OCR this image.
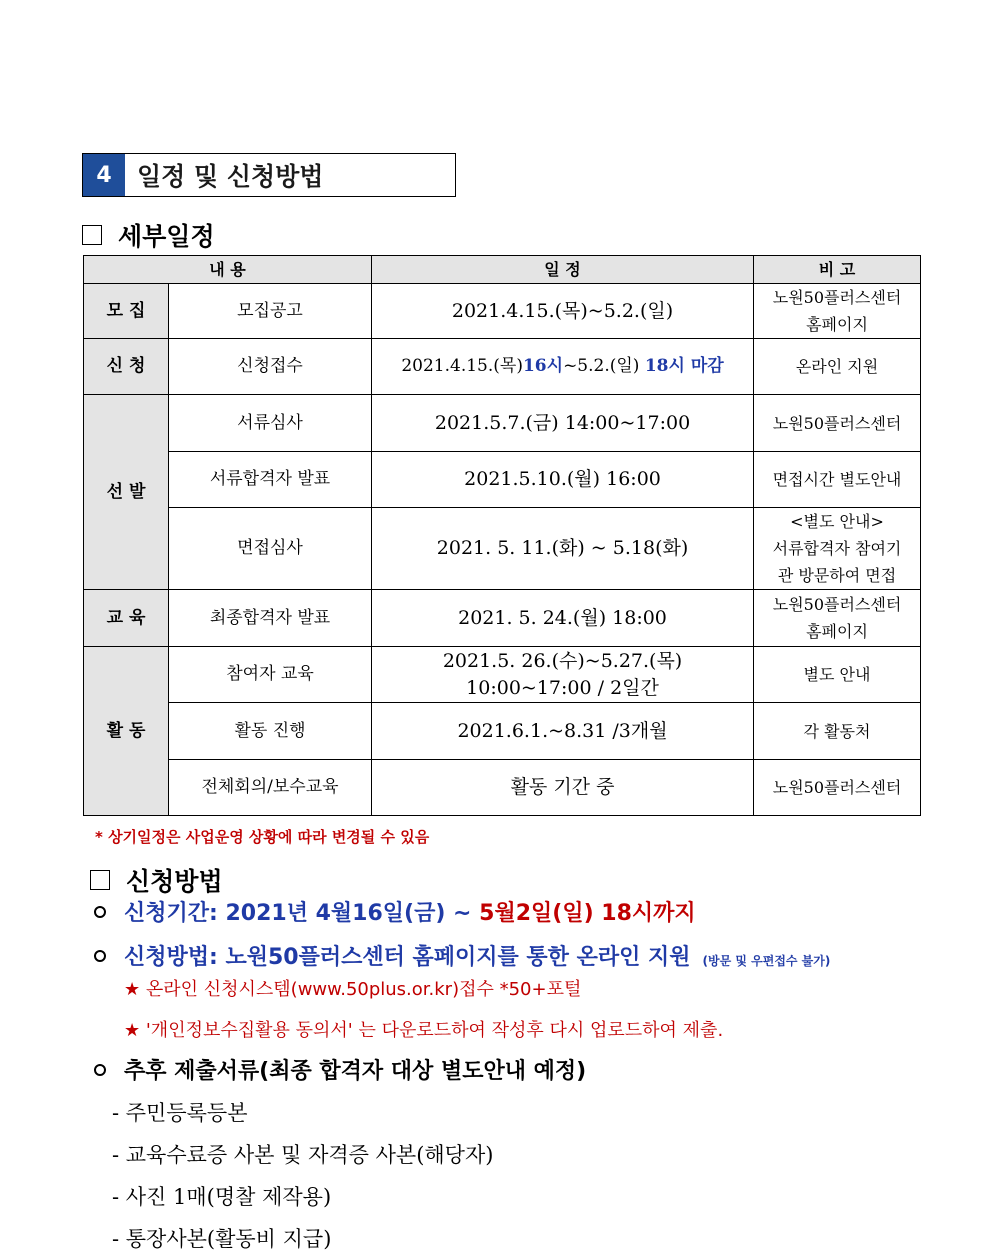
4	일정 및 신청방법
세부일정
내 용		일 정	비 고
모 집	모집공고	2021.4.15.(목)~5.2.(일)	노원50플러스센터
홈페이지

신 청	신청접수	2021.4.15.(목)16시~5.2.(일) 18시 마감	온라인 지원
선 발	서류심사	2021.5.7.(금) 14:00~17:00	노원50플러스센터
	서류합격자 발표	2021.5.10.(월) 16:00	면접시간 별도안내
	면접심사	2021. 5. 11.(화) ~ 5.18(화)	<별도 안내>
서류합격자 참여기
관 방문하여 면접

교 육	최종합격자 발표	2021. 5. 24.(월) 18:00	노원50플러스센터
홈페이지

활 동	참여자 교육	2021.5. 26.(수)~5.27.(목)
10:00~17:00 / 2일간	별도 안내
	활동 진행	2021.6.1.~8.31 /3개월	각 활동처
	전체회의/보수교육	활동 기간 중	노원50플러스센터
* 상기일정은 사업운영 상황에 따라 변경될 수 있음
신청방법
신청기간: 2021년 4월16일(금) ~ 5월2일(일) 18시까지
신청방법: 노원50플러스센터 홈페이지를 통한 온라인 지원 (방문 및 우편접수 불가)
★ 온라인 신청시스템(www.50plus.or.kr)접수 *50+포털
★ '개인정보수집활용 동의서' 는 다운로드하여 작성후 다시 업로드하여 제출.
추후 제출서류(최종 합격자 대상 별도안내 예정)
- 주민등록등본
- 교육수료증 사본 및 자격증 사본(해당자)
- 사진 1매(명찰 제작용)
- 통장사본(활동비 지급)
